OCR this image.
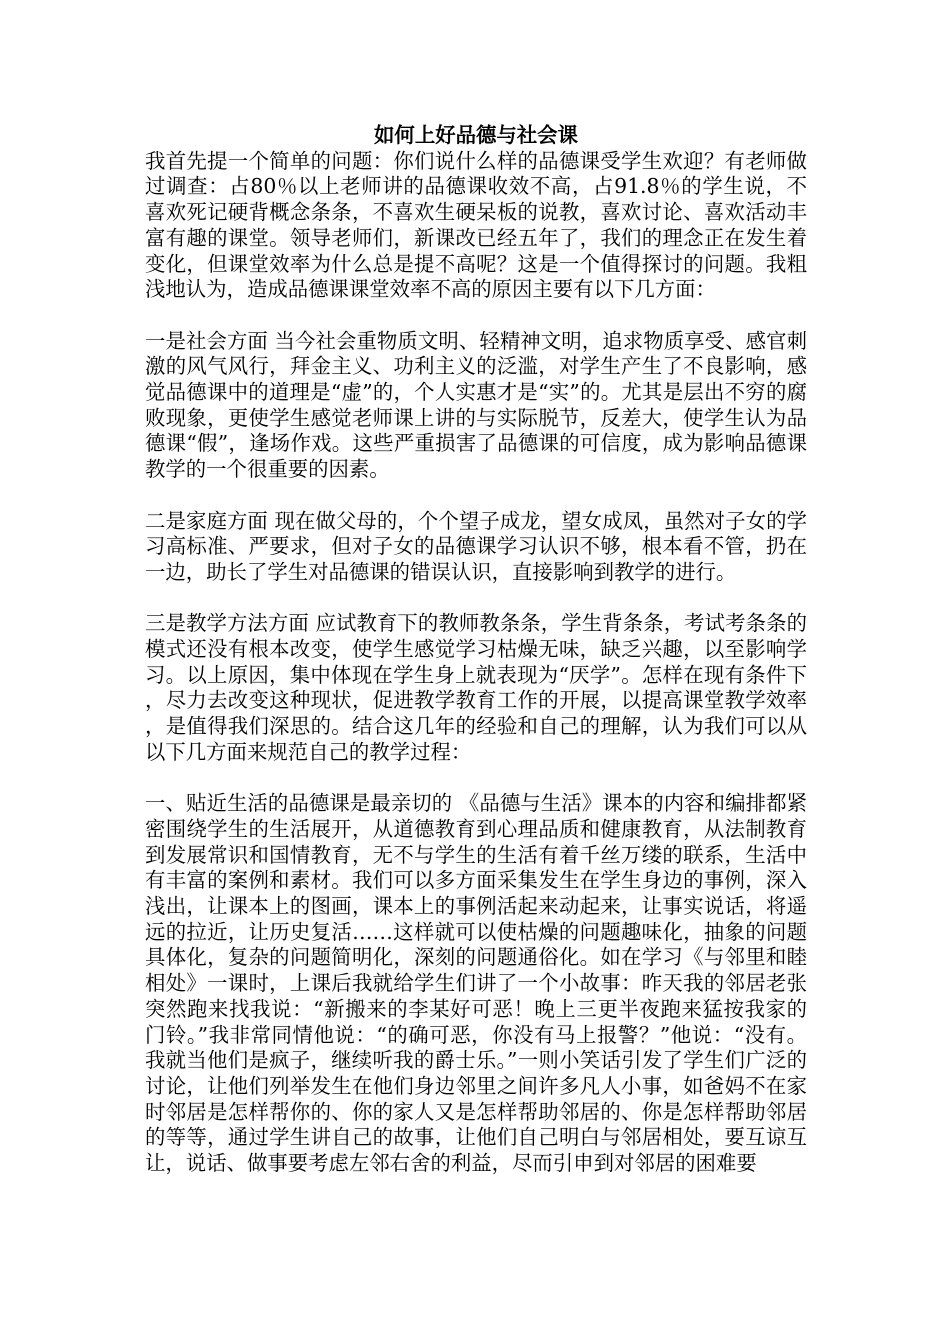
如何上好品德与社会课

我首先提一个简单的问题：你们说什么样的品德课受学生欢迎？有老师做过调查：占80％以上老师讲的品德课收效不高，占91.8％的学生说，不喜欢死记硬背概念条条，不喜欢生硬呆板的说教，喜欢讨论、喜欢活动丰富有趣的课堂。领导老师们，新课改已经五年了，我们的理念正在发生着变化，但课堂效率为什么总是提不高呢？这是一个值得探讨的问题。我粗浅地认为，造成品德课课堂效率不高的原因主要有以下几方面：

一是社会方面 当今社会重物质文明、轻精神文明，追求物质享受、感官刺激的风气风行，拜金主义、功利主义的泛滥，对学生产生了不良影响，感觉品德课中的道理是“虚”的，个人实惠才是“实”的。尤其是层出不穷的腐败现象，更使学生感觉老师课上讲的与实际脱节，反差大，使学生认为品德课“假”，逢场作戏。这些严重损害了品德课的可信度，成为影响品德课教学的一个很重要的因素。

二是家庭方面 现在做父母的，个个望子成龙，望女成凤，虽然对子女的学习高标准、严要求，但对子女的品德课学习认识不够，根本看不管，扔在一边，助长了学生对品德课的错误认识，直接影响到教学的进行。

三是教学方法方面 应试教育下的教师教条条，学生背条条，考试考条条的模式还没有根本改变，使学生感觉学习枯燥无味，缺乏兴趣，以至影响学习。以上原因，集中体现在学生身上就表现为“厌学”。怎样在现有条件下，尽力去改变这种现状，促进教学教育工作的开展，以提高课堂教学效率，是值得我们深思的。结合这几年的经验和自己的理解，认为我们可以从以下几方面来规范自己的教学过程：

一、贴近生活的品德课是最亲切的 《品德与生活》课本的内容和编排都紧密围绕学生的生活展开，从道德教育到心理品质和健康教育，从法制教育到发展常识和国情教育，无不与学生的生活有着千丝万缕的联系，生活中有丰富的案例和素材。我们可以多方面采集发生在学生身边的事例，深入浅出，让课本上的图画，课本上的事例活起来动起来，让事实说话，将遥远的拉近，让历史复活……这样就可以使枯燥的问题趣味化，抽象的问题具体化，复杂的问题简明化，深刻的问题通俗化。如在学习《与邻里和睦相处》一课时，上课后我就给学生们讲了一个小故事：昨天我的邻居老张突然跑来找我说：“新搬来的李某好可恶！晚上三更半夜跑来猛按我家的门铃。”我非常同情他说：“的确可恶，你没有马上报警？”他说：“没有。我就当他们是疯子，继续听我的爵士乐。”一则小笑话引发了学生们广泛的讨论，让他们列举发生在他们身边邻里之间许多凡人小事，如爸妈不在家时邻居是怎样帮你的、你的家人又是怎样帮助邻居的、你是怎样帮助邻居的等等，通过学生讲自己的故事，让他们自己明白与邻居相处，要互谅互让，说话、做事要考虑左邻右舍的利益，尽而引申到对邻居的困难要
